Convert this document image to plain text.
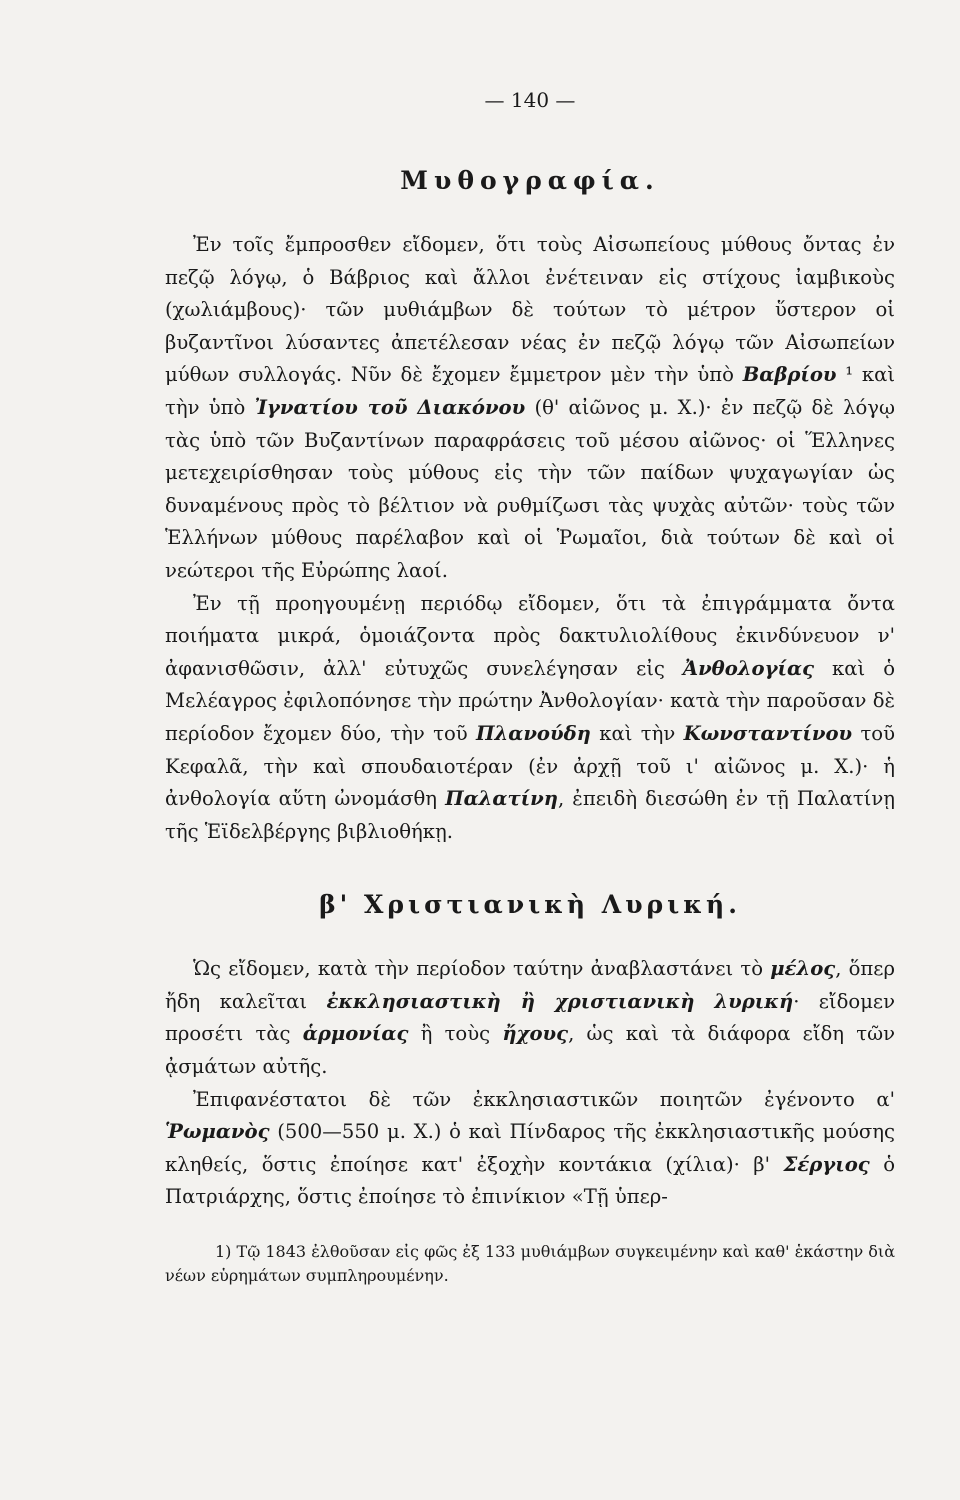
— 140 —
Μυθογραφία.

Ἐν τοῖς ἔμπροσθεν εἴδομεν, ὅτι τοὺς Αἰσωπείους μύθους ὄντας ἐν πεζῷ λόγῳ, ὁ Βάβριος καὶ ἄλλοι ἐνέτειναν εἰς στίχους ἰαμβικοὺς (χωλιάμβους)· τῶν μυθιάμβων δὲ τούτων τὸ μέτρον ὕστερον οἱ βυζαντῖνοι λύσαντες ἀπετέλεσαν νέας ἐν πεζῷ λόγῳ τῶν Αἰσωπείων μύθων συλλογάς. Νῦν δὲ ἔχομεν ἔμμετρον μὲν τὴν ὑπὸ Βαβρίου ¹ καὶ τὴν ὑπὸ Ἰγνατίου τοῦ Διακόνου (θ' αἰῶνος μ. Χ.)· ἐν πεζῷ δὲ λόγῳ τὰς ὑπὸ τῶν Βυζαντίνων παραφράσεις τοῦ μέσου αἰῶνος· οἱ Ἕλληνες μετεχειρίσθησαν τοὺς μύθους εἰς τὴν τῶν παίδων ψυχαγωγίαν ὡς δυναμένους πρὸς τὸ βέλτιον νὰ ρυθμίζωσι τὰς ψυχὰς αὐτῶν· τοὺς τῶν Ἑλλήνων μύθους παρέλαβον καὶ οἱ Ῥωμαῖοι, διὰ τούτων δὲ καὶ οἱ νεώτεροι τῆς Εὐρώπης λαοί.

Ἐν τῇ προηγουμένῃ περιόδῳ εἴδομεν, ὅτι τὰ ἐπιγράμματα ὄντα ποιήματα μικρά, ὁμοιάζοντα πρὸς δακτυλιολίθους ἐκινδύνευον ν' ἀφανισθῶσιν, ἀλλ' εὐτυχῶς συνελέγησαν εἰς Ἀνθολογίας καὶ ὁ Μελέαγρος ἐφιλοπόνησε τὴν πρώτην Ἀνθολογίαν· κατὰ τὴν παροῦσαν δὲ περίοδον ἔχομεν δύο, τὴν τοῦ Πλανούδη καὶ τὴν Κωνσταντίνου τοῦ Κεφαλᾶ, τὴν καὶ σπουδαιοτέραν (ἐν ἀρχῇ τοῦ ι' αἰῶνος μ. Χ.)· ἡ ἀνθολογία αὕτη ὠνομάσθη Παλατίνη, ἐπειδὴ διεσώθη ἐν τῇ Παλατίνῃ τῆς Ἑϊδελβέργης βιβλιοθήκῃ.

β' Χριστιανικὴ Λυρική.

Ὡς εἴδομεν, κατὰ τὴν περίοδον ταύτην ἀναβλαστάνει τὸ μέλος, ὅπερ ἤδη καλεῖται ἐκκλησιαστικὴ ἢ χριστιανικὴ λυρική· εἴδομεν προσέτι τὰς ἁρμονίας ἢ τοὺς ἤχους, ὡς καὶ τὰ διάφορα εἴδη τῶν ᾀσμάτων αὐτῆς.

Ἐπιφανέστατοι δὲ τῶν ἐκκλησιαστικῶν ποιητῶν ἐγένοντο α' Ῥωμανὸς (500—550 μ. Χ.) ὁ καὶ Πίνδαρος τῆς ἐκκλησιαστικῆς μούσης κληθείς, ὅστις ἐποίησε κατ' ἐξοχὴν κοντάκια (χίλια)· β' Σέργιος ὁ Πατριάρχης, ὅστις ἐποίησε τὸ ἐπινίκιον «Τῇ ὑπερ-

1) Τῷ 1843 ἐλθοῦσαν εἰς φῶς ἐξ 133 μυθιάμβων συγκειμένην καὶ καθ' ἑκάστην διὰ νέων εὑρημάτων συμπληρουμένην.
